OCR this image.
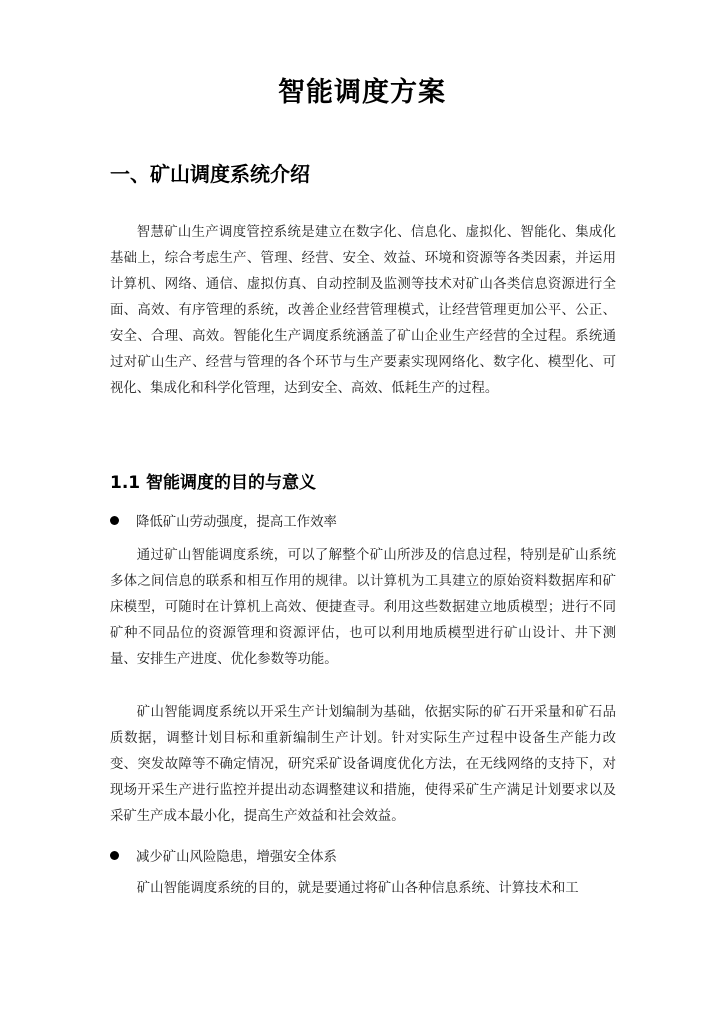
智能调度方案
一、矿山调度系统介绍

智慧矿山生产调度管控系统是建立在数字化、信息化、虚拟化、智能化、集成化基础上，综合考虑生产、管理、经营、安全、效益、环境和资源等各类因素，并运用计算机、网络、通信、虚拟仿真、自动控制及监测等技术对矿山各类信息资源进行全面、高效、有序管理的系统，改善企业经营管理模式，让经营管理更加公平、公正、安全、合理、高效。智能化生产调度系统涵盖了矿山企业生产经营的全过程。系统通过对矿山生产、经营与管理的各个环节与生产要素实现网络化、数字化、模型化、可视化、集成化和科学化管理，达到安全、高效、低耗生产的过程。

1.1 智能调度的目的与意义
降低矿山劳动强度，提高工作效率

通过矿山智能调度系统，可以了解整个矿山所涉及的信息过程，特别是矿山系统多体之间信息的联系和相互作用的规律。以计算机为工具建立的原始资料数据库和矿床模型，可随时在计算机上高效、便捷查寻。利用这些数据建立地质模型；进行不同矿种不同品位的资源管理和资源评估，也可以利用地质模型进行矿山设计、井下测量、安排生产进度、优化参数等功能。

矿山智能调度系统以开采生产计划编制为基础，依据实际的矿石开采量和矿石品质数据，调整计划目标和重新编制生产计划。针对实际生产过程中设备生产能力改变、突发故障等不确定情况，研究采矿设备调度优化方法，在无线网络的支持下，对现场开采生产进行监控并提出动态调整建议和措施，使得采矿生产满足计划要求以及采矿生产成本最小化，提高生产效益和社会效益。

减少矿山风险隐患，增强安全体系

矿山智能调度系统的目的，就是要通过将矿山各种信息系统、计算技术和工
